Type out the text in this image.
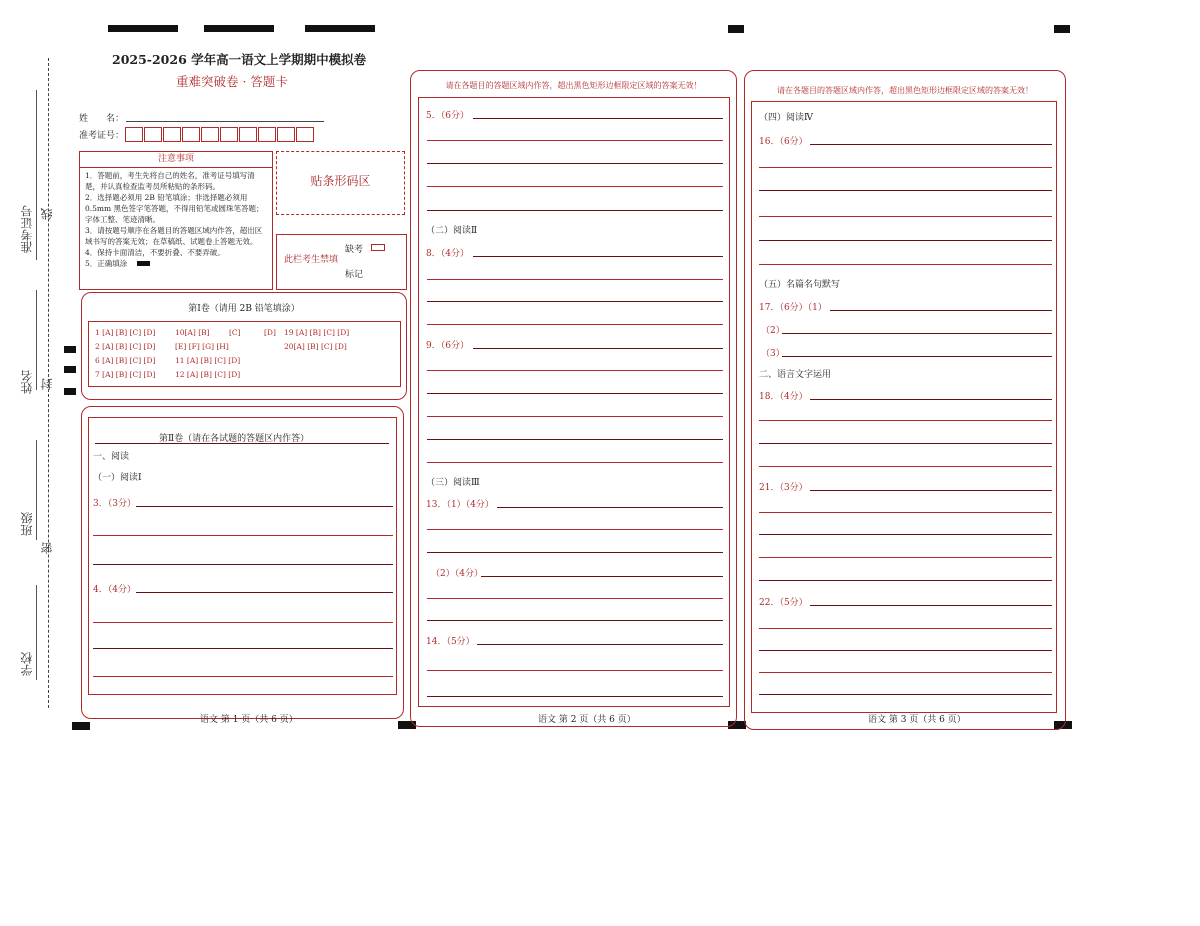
准考证号 线
姓名 封
班级
密
学校
2025-2026 学年高一语文上学期期中模拟卷
重难突破卷 · 答题卡
姓　　名：
准考证号：
注意事项
1．答题前，考生先将自己的姓名，准考证号填写清楚，并认真检查监考员所粘贴的条形码。
2．选择题必须用 2B 铅笔填涂；非选择题必须用 0.5mm 黑色签字笔答题，不得用铅笔或圆珠笔答题；字体工整、笔迹清晰。
3．请按题号顺序在各题目的答题区域内作答，超出区域书写的答案无效；在草稿纸、试题卷上答题无效。
4．保持卡面清洁，不要折叠、不要弄破。
5．正确填涂
贴条形码区
缺考
此栏考生禁填
标记
第Ⅰ卷（请用 2B 铅笔填涂）
1 [A] [B] [C] [D]	10[A] [B]	[C]	[D] 19 [A] [B] [C] [D]
2 [A] [B] [C] [D]	[E] [F] [G] [H]	20[A] [B] [C] [D]
6 [A] [B] [C] [D]	11 [A] [B] [C] [D]
7 [A] [B] [C] [D]	12 [A] [B] [C] [D]
第Ⅱ卷（请在各试题的答题区内作答）
一、阅读
（一）阅读Ⅰ
3．（3分）
4．（4分）
语文 第 1 页（共 6 页）
请在各题目的答题区域内作答，超出黑色矩形边框限定区域的答案无效！
5．（6分）
（二）阅读Ⅱ
8．（4分）
9．（6分）
（三）阅读Ⅲ
13．（1）（4分）
（2）（4分）
14．（5分）
语文 第 2 页（共 6 页）
请在各题目的答题区域内作答，超出黑色矩形边框限定区域的答案无效！
（四）阅读Ⅳ
16．（6分）
（五）名篇名句默写
17．（6分）（1）
（2）
（3）
二、语言文字运用
18．（4分）
21．（3分）
22．（5分）
语文 第 3 页（共 6 页）
